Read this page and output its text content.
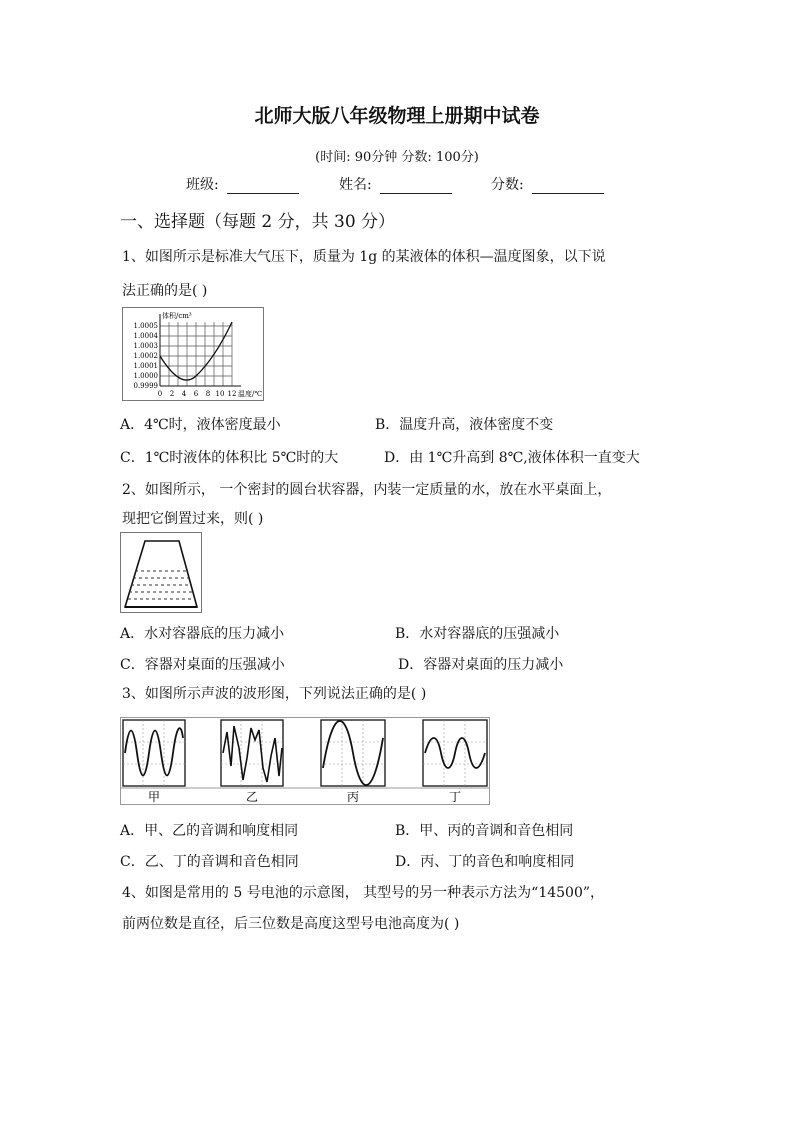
北师大版八年级物理上册期中试卷
(时间: 90分钟 分数: 100分)
班级:	姓名:	分数:
一、选择题（每题 2 分，共 30 分）
1、如图所示是标准大气压下，质量为 1g 的某液体的体积—温度图象，以下说
法正确的是( )
体积/cm³
1.0005
1.0004
1.0003
1.0002
1.0001
1.0000
0.9999
0 2 4 6 8 10 12 温度/℃
A．4℃时，液体密度最小	B．温度升高，液体密度不变
C．1℃时液体的体积比 5℃时的大	D．由 1℃升高到 8℃,液体体积一直变大
2、如图所示， 一个密封的圆台状容器，内装一定质量的水，放在水平桌面上，
现把它倒置过来，则( )
A．水对容器底的压力减小	B．水对容器底的压强减小
C．容器对桌面的压强减小	D．容器对桌面的压力减小
3、如图所示声波的波形图，下列说法正确的是( )
甲	乙	丙	丁
A．甲、乙的音调和响度相同	B．甲、丙的音调和音色相同
C．乙、丁的音调和音色相同	D．丙、丁的音色和响度相同
4、如图是常用的 5 号电池的示意图， 其型号的另一种表示方法为“14500”，
前两位数是直径，后三位数是高度这型号电池高度为( )
